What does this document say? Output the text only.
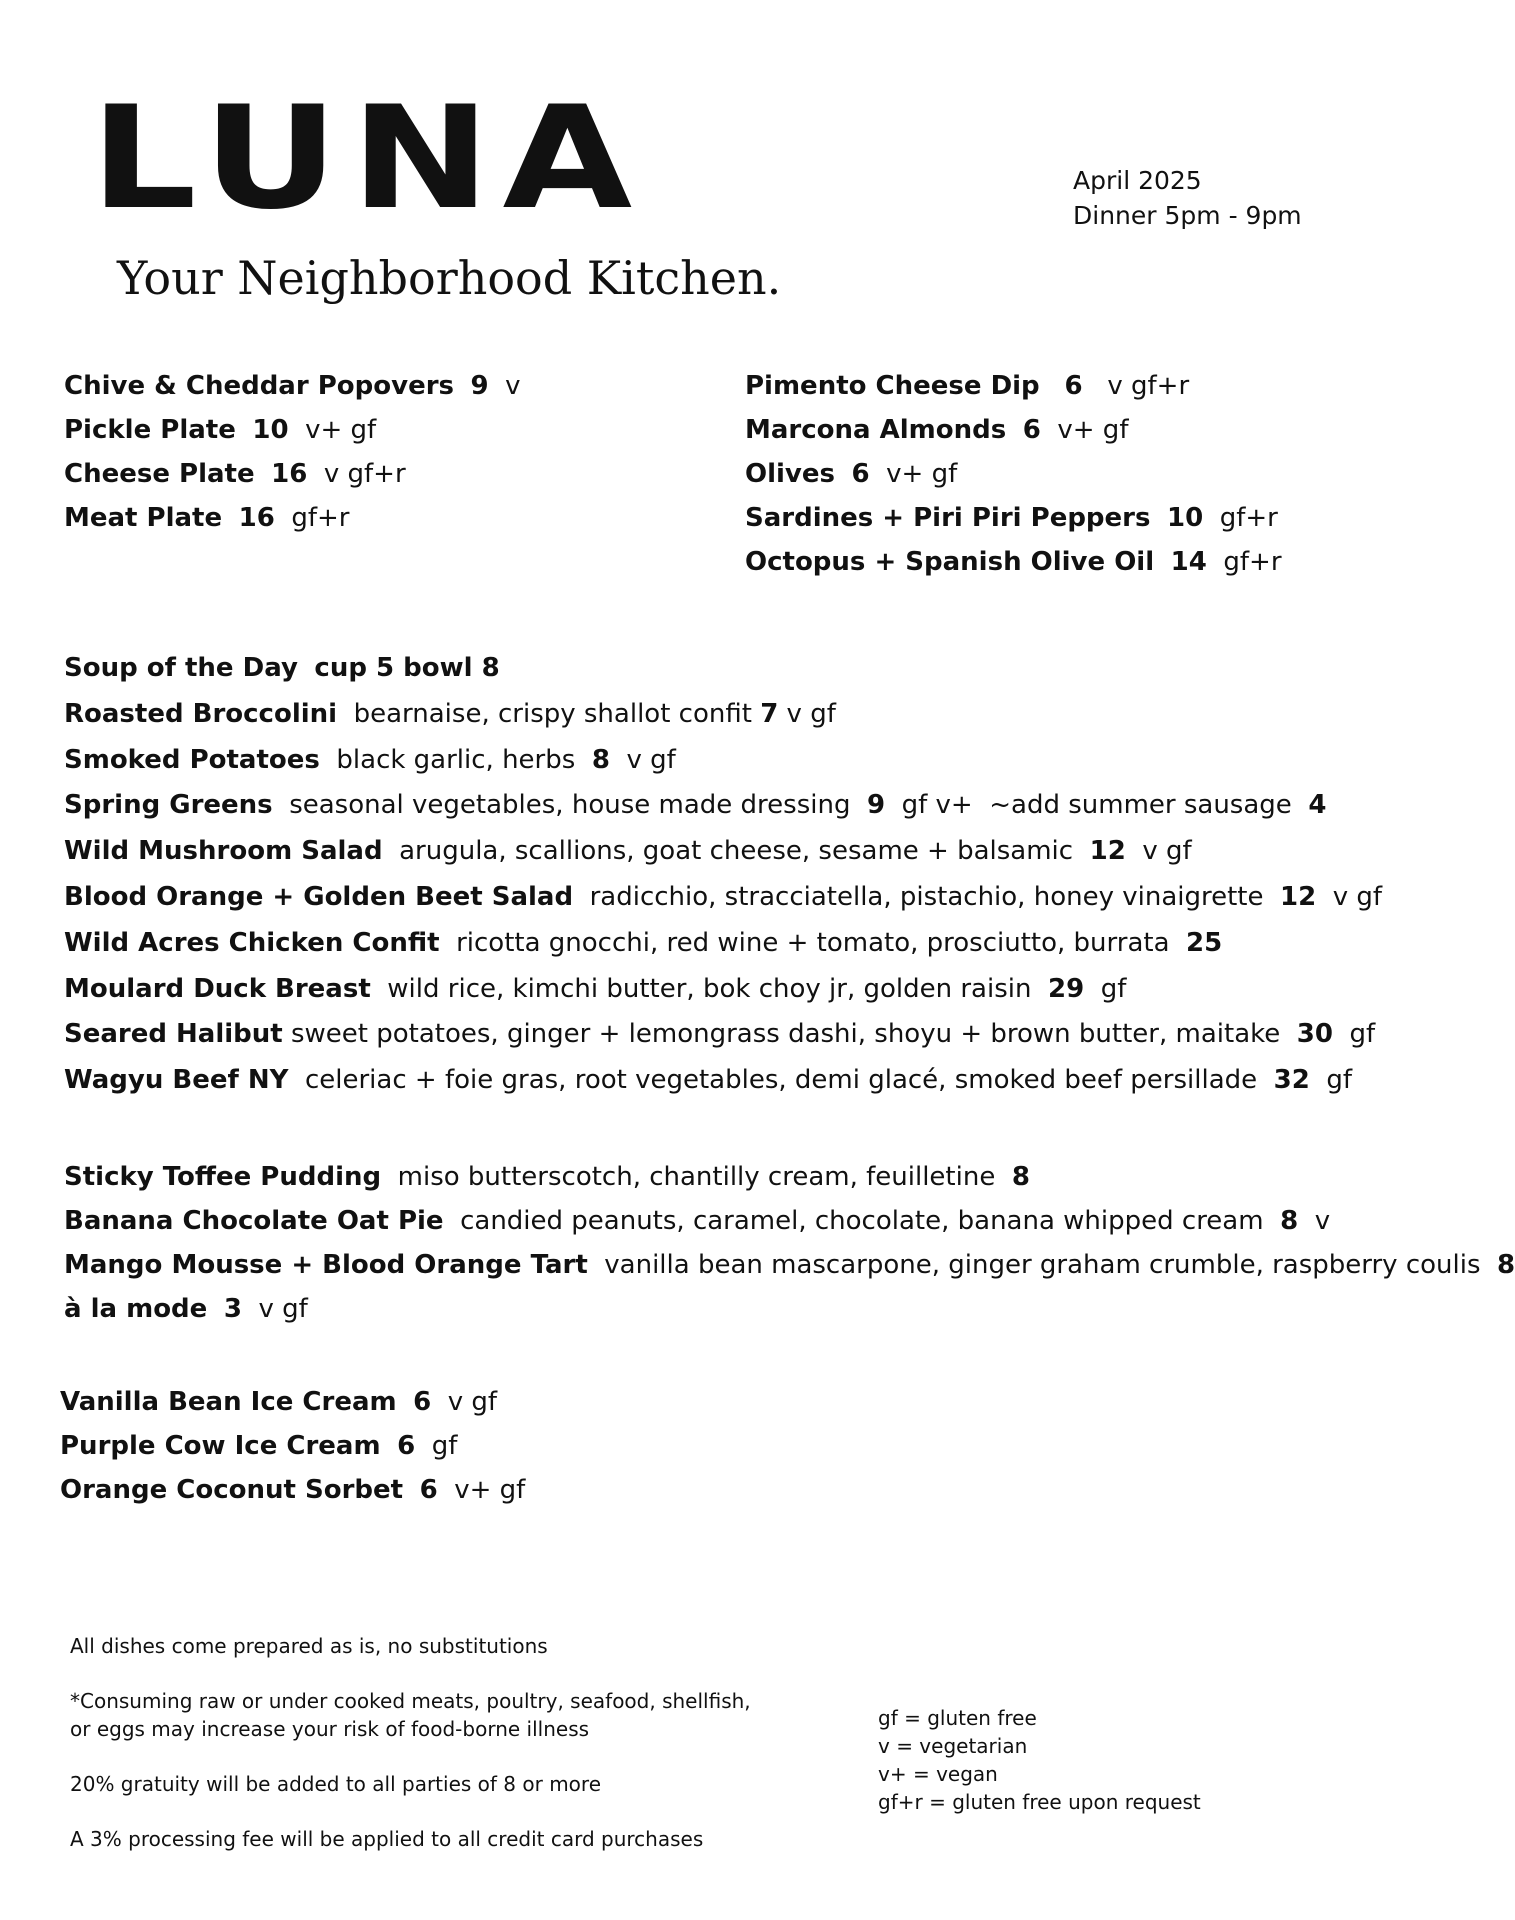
LUNA
Your Neighborhood Kitchen.
April 2025
Dinner 5pm - 9pm
Chive & Cheddar Popovers 9 v
Pickle Plate 10 v+ gf
Cheese Plate 16 v gf+r
Meat Plate 16 gf+r
Pimento Cheese Dip 6 v gf+r
Marcona Almonds 6 v+ gf
Olives 6 v+ gf
Sardines + Piri Piri Peppers 10 gf+r
Octopus + Spanish Olive Oil 14 gf+r
Soup of the Day cup 5 bowl 8
Roasted Broccolini bearnaise, crispy shallot confit 7 v gf
Smoked Potatoes black garlic, herbs 8 v gf
Spring Greens seasonal vegetables, house made dressing 9 gf v+ ~add summer sausage 4
Wild Mushroom Salad arugula, scallions, goat cheese, sesame + balsamic 12 v gf
Blood Orange + Golden Beet Salad radicchio, stracciatella, pistachio, honey vinaigrette 12 v gf
Wild Acres Chicken Confit ricotta gnocchi, red wine + tomato, prosciutto, burrata 25
Moulard Duck Breast wild rice, kimchi butter, bok choy jr, golden raisin 29 gf
Seared Halibut sweet potatoes, ginger + lemongrass dashi, shoyu + brown butter, maitake 30 gf
Wagyu Beef NY celeriac + foie gras, root vegetables, demi glacé, smoked beef persillade 32 gf
Sticky Toffee Pudding miso butterscotch, chantilly cream, feuilletine 8
Banana Chocolate Oat Pie candied peanuts, caramel, chocolate, banana whipped cream 8 v
Mango Mousse + Blood Orange Tart vanilla bean mascarpone, ginger graham crumble, raspberry coulis 8
à la mode 3 v gf
Vanilla Bean Ice Cream 6 v gf
Purple Cow Ice Cream 6 gf
Orange Coconut Sorbet 6 v+ gf

All dishes come prepared as is, no substitutions

*Consuming raw or under cooked meats, poultry, seafood, shellfish, or eggs may increase your risk of food-borne illness

20% gratuity will be added to all parties of 8 or more

A 3% processing fee will be applied to all credit card purchases

gf = gluten free
v = vegetarian
v+ = vegan
gf+r = gluten free upon request
